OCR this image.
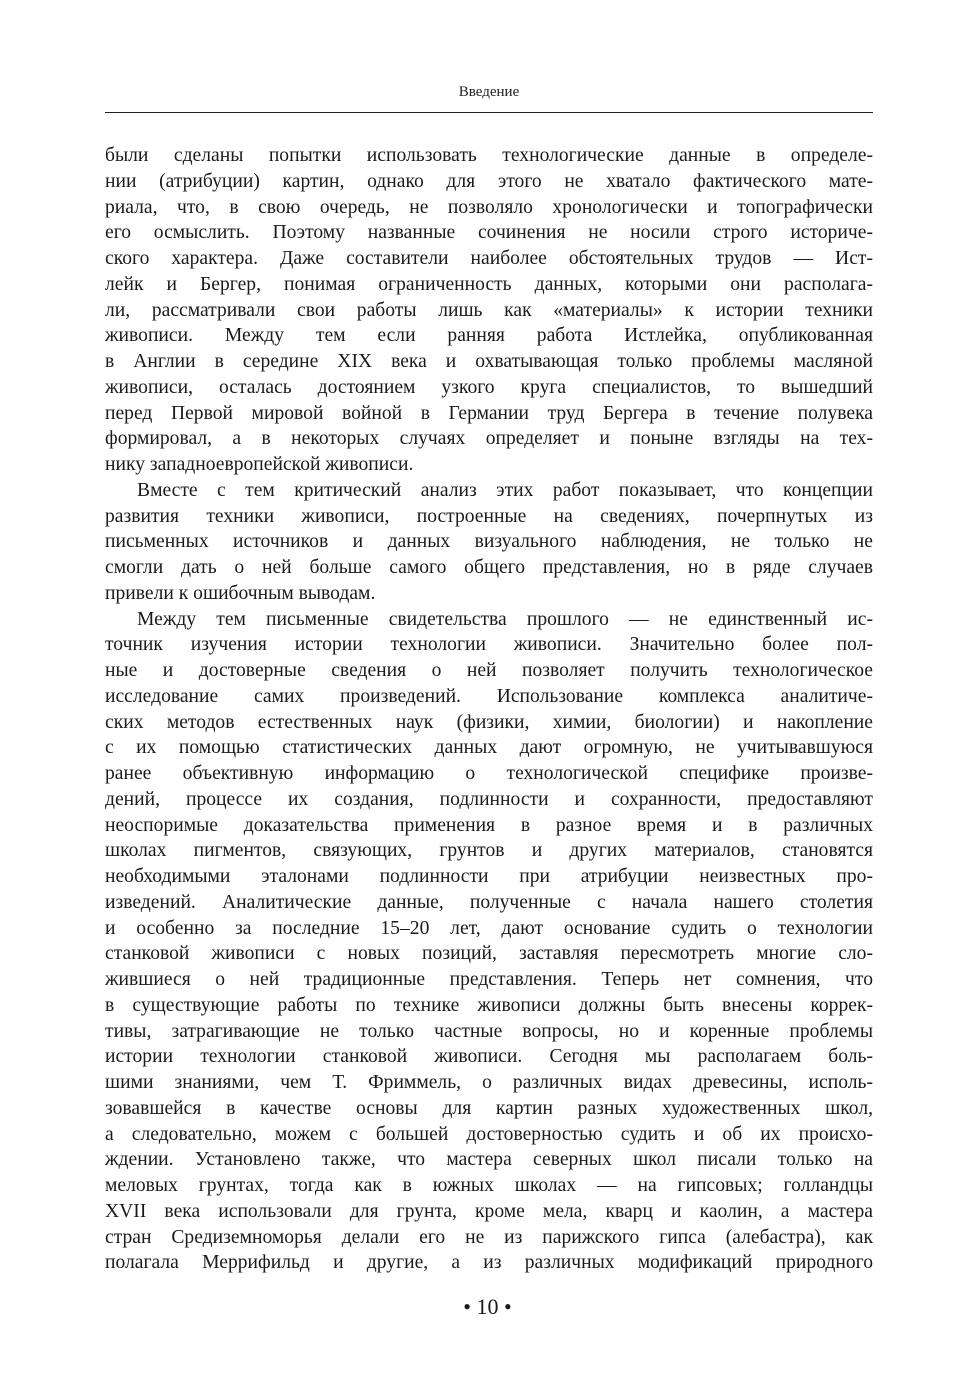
Введение
были сделаны попытки использовать технологические данные в определе-
нии (атрибуции) картин, однако для этого не хватало фактического мате-
риала, что, в свою очередь, не позволяло хронологически и топографически
его осмыслить. Поэтому названные сочинения не носили строго историче-
ского характера. Даже составители наиболее обстоятельных трудов — Ист-
лейк и Бергер, понимая ограниченность данных, которыми они располага-
ли, рассматривали свои работы лишь как «материалы» к истории техники
живописи. Между тем если ранняя работа Истлейка, опубликованная
в Англии в середине XIX века и охватывающая только проблемы масляной
живописи, осталась достоянием узкого круга специалистов, то вышедший
перед Первой мировой войной в Германии труд Бергера в течение полувека
формировал, а в некоторых случаях определяет и поныне взгляды на тех-
нику западноевропейской живописи.
Вместе с тем критический анализ этих работ показывает, что концепции
развития техники живописи, построенные на сведениях, почерпнутых из
письменных источников и данных визуального наблюдения, не только не
смогли дать о ней больше самого общего представления, но в ряде случаев
привели к ошибочным выводам.
Между тем письменные свидетельства прошлого — не единственный ис-
точник изучения истории технологии живописи. Значительно более пол-
ные и достоверные сведения о ней позволяет получить технологическое
исследование самих произведений. Использование комплекса аналитиче-
ских методов естественных наук (физики, химии, биологии) и накопление
с их помощью статистических данных дают огромную, не учитывавшуюся
ранее объективную информацию о технологической специфике произве-
дений, процессе их создания, подлинности и сохранности, предоставляют
неоспоримые доказательства применения в разное время и в различных
школах пигментов, связующих, грунтов и других материалов, становятся
необходимыми эталонами подлинности при атрибуции неизвестных про-
изведений. Аналитические данные, полученные с начала нашего столетия
и особенно за последние 15–20 лет, дают основание судить о технологии
станковой живописи с новых позиций, заставляя пересмотреть многие сло-
жившиеся о ней традиционные представления. Теперь нет сомнения, что
в существующие работы по технике живописи должны быть внесены коррек-
тивы, затрагивающие не только частные вопросы, но и коренные проблемы
истории технологии станковой живописи. Сегодня мы располагаем боль-
шими знаниями, чем Т. Фриммель, о различных видах древесины, исполь-
зовавшейся в качестве основы для картин разных художественных школ,
а следовательно, можем с большей достоверностью судить и об их происхо-
ждении. Установлено также, что мастера северных школ писали только на
меловых грунтах, тогда как в южных школах — на гипсовых; голландцы
XVII века использовали для грунта, кроме мела, кварц и каолин, а мастера
стран Средиземноморья делали его не из парижского гипса (алебастра), как
полагала Меррифильд и другие, а из различных модификаций природного
• 10 •
